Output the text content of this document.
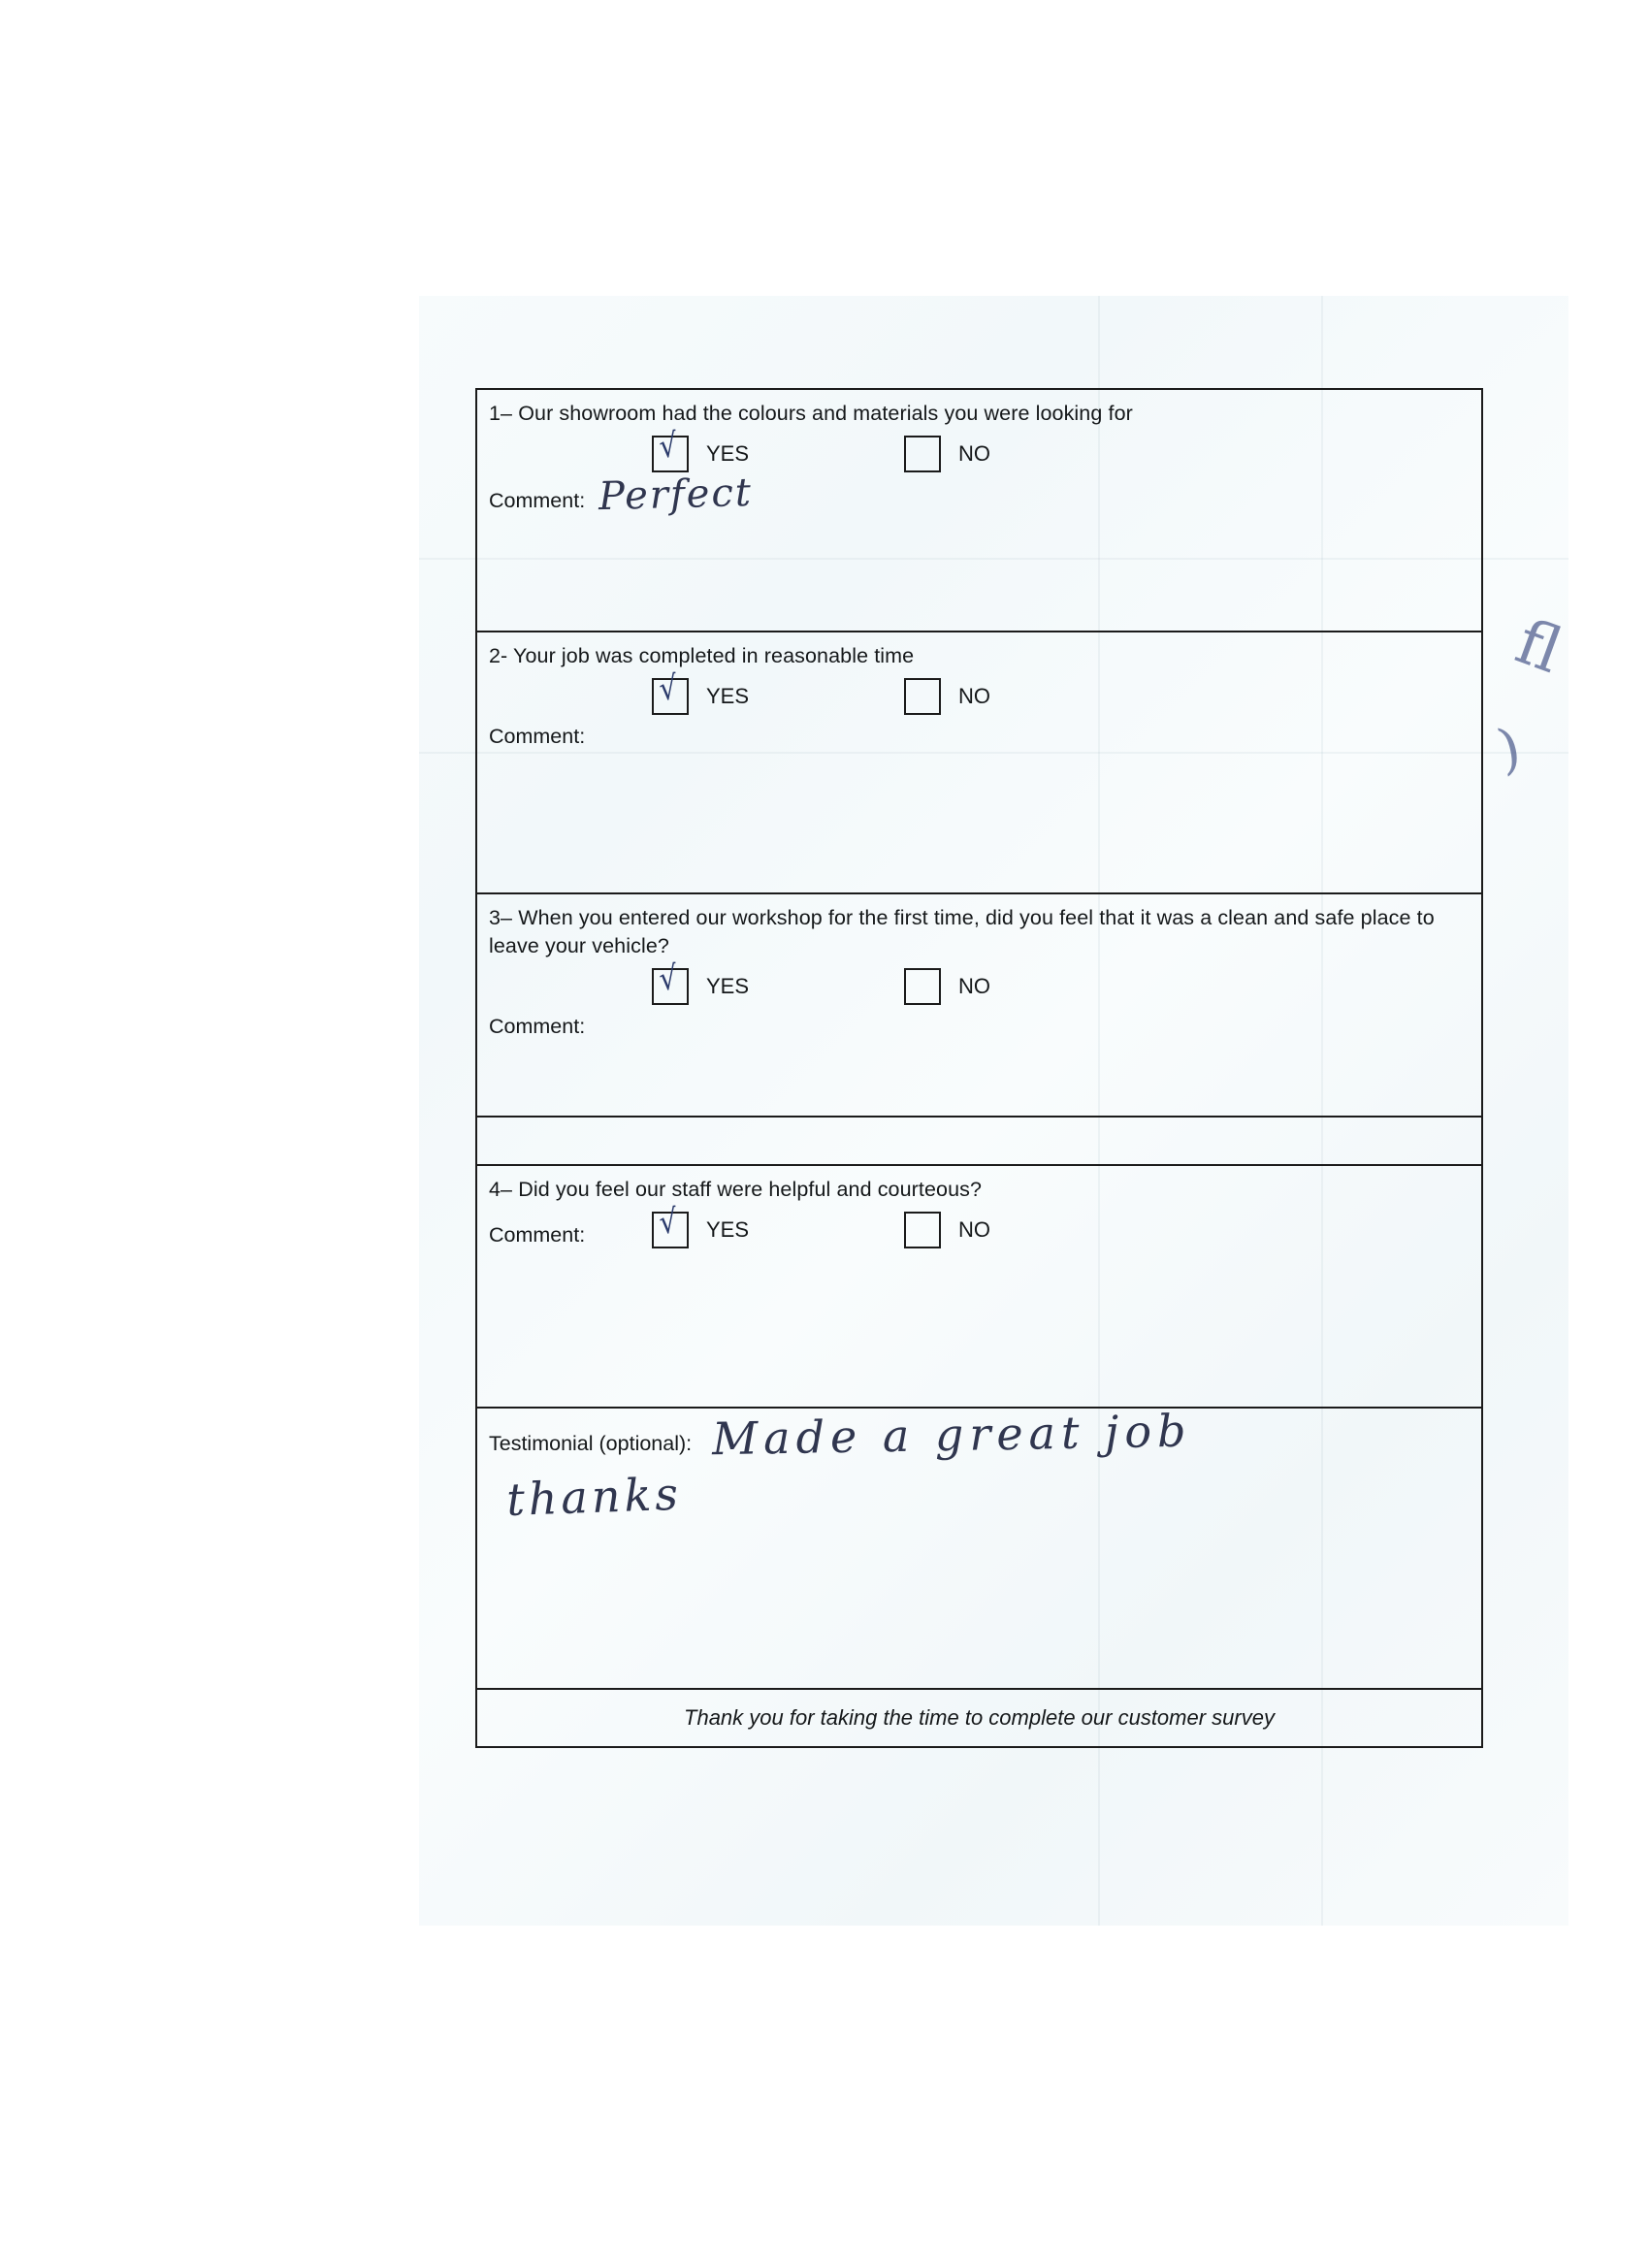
ﬂ
)
1– Our showroom had the colours and materials you were looking for
√ YES	NO
Comment: Perfect
2- Your job was completed in reasonable time
√ YES	NO
Comment:
3– When you entered our workshop for the first time, did you feel that it was a clean and safe place to leave your vehicle?
√ YES	NO
Comment:
4– Did you feel our staff were helpful and courteous?
√ YES	NO
Comment:
Testimonial (optional): Made a great job
thanks
Thank you for taking the time to complete our customer survey
